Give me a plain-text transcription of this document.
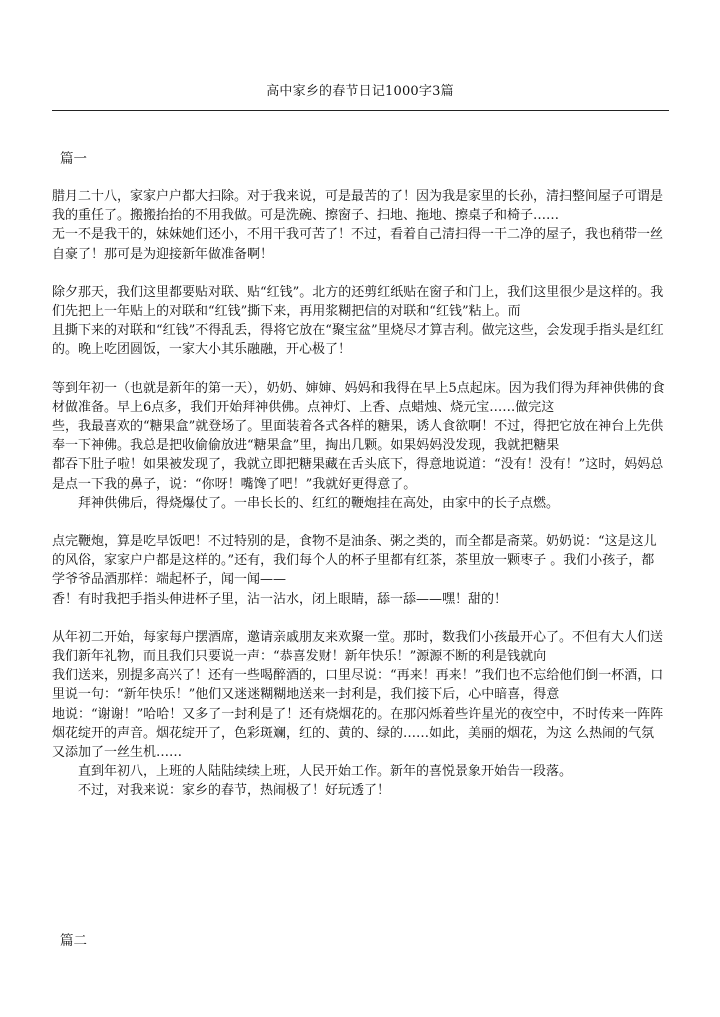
高中家乡的春节日记1000字3篇
篇一

腊月二十八，家家户户都大扫除。对于我来说，可是最苦的了！因为我是家里的长孙，清扫整间屋子可谓是我的重任了。搬搬抬抬的不用我做。可是洗碗、擦窗子、扫地、拖地、擦桌子和椅子……

无一不是我干的，妹妹她们还小，不用干我可苦了！不过，看着自己清扫得一干二净的屋子，我也稍带一丝自豪了！那可是为迎接新年做准备啊！

除夕那天，我们这里都要贴对联、贴“红钱”。北方的还剪红纸贴在窗子和门上，我们这里很少是这样的。我们先把上一年贴上的对联和“红钱”撕下来，再用浆糊把信的对联和“红钱”粘上。而

且撕下来的对联和“红钱”不得乱丢，得将它放在“聚宝盆”里烧尽才算吉利。做完这些，会发现手指头是红红的。晚上吃团圆饭，一家大小其乐融融，开心极了！

等到年初一（也就是新年的第一天），奶奶、婶婶、妈妈和我得在早上5点起床。因为我们得为拜神供佛的食材做准备。早上6点多，我们开始拜神供佛。点神灯、上香、点蜡烛、烧元宝……做完这

些，我最喜欢的“糖果盒”就登场了。里面装着各式各样的糖果，诱人食欲啊！不过，得把它放在神台上先供奉一下神佛。我总是把收偷偷放进“糖果盒”里，掏出几颗。如果妈妈没发现，我就把糖果

都吞下肚子啦！如果被发现了，我就立即把糖果藏在舌头底下，得意地说道：“没有！没有！”这时，妈妈总是点一下我的鼻子，说：“你呀！嘴馋了吧！”我就好更得意了。

拜神供佛后，得烧爆仗了。一串长长的、红红的鞭炮挂在高处，由家中的长子点燃。

点完鞭炮，算是吃早饭吧！不过特别的是，食物不是油条、粥之类的，而全都是斋菜。奶奶说：“这是这儿的风俗，家家户户都是这样的。”还有，我们每个人的杯子里都有红茶，茶里放一颗枣子 。我们小孩子，都学爷爷品酒那样：端起杯子，闻一闻——

香！有时我把手指头伸进杯子里，沾一沾水，闭上眼睛，舔一舔——嘿！甜的！

从年初二开始，每家每户摆酒席，邀请亲戚朋友来欢聚一堂。那时，数我们小孩最开心了。不但有大人们送我们新年礼物，而且我们只要说一声：“恭喜发财！新年快乐！”源源不断的利是钱就向

我们送来，别提多高兴了！还有一些喝醉酒的，口里尽说：“再来！再来！”我们也不忘给他们倒一杯酒，口里说一句：“新年快乐！”他们又迷迷糊糊地送来一封利是，我们接下后，心中暗喜，得意

地说：“谢谢！”哈哈！又多了一封利是了！还有烧烟花的。在那闪烁着些许星光的夜空中，不时传来一阵阵烟花绽开的声音。烟花绽开了，色彩斑斓，红的、黄的、绿的……如此，美丽的烟花，为这 么热闹的气氛又添加了一丝生机……

直到年初八，上班的人陆陆续续上班，人民开始工作。新年的喜悦景象开始告一段落。

不过，对我来说：家乡的春节，热闹极了！好玩透了！

篇二
